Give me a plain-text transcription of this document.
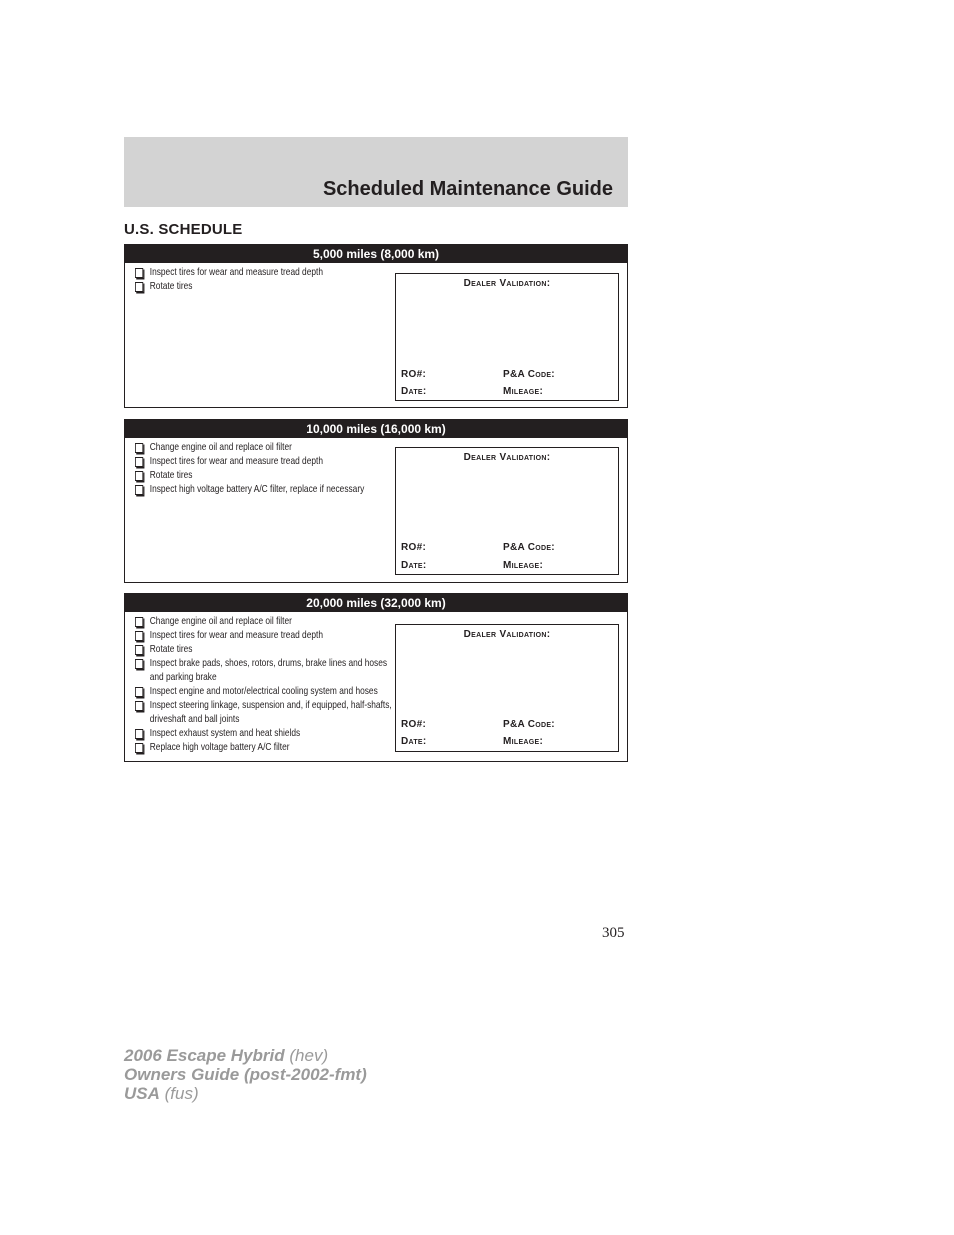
Scheduled Maintenance Guide
U.S. SCHEDULE
5,000 miles (8,000 km)
Inspect tires for wear and measure tread depth
Rotate tires	Dealer Validation:
RO#:	P&A Code:
Date:	Mileage:
10,000 miles (16,000 km)
Change engine oil and replace oil filter
Inspect tires for wear and measure tread depth
Rotate tires
Inspect high voltage battery A/C filter, replace if necessary
Dealer Validation:
RO#:	P&A Code:
Date:	Mileage:
20,000 miles (32,000 km)
Change engine oil and replace oil filter
Inspect tires for wear and measure tread depth
Rotate tires
Inspect brake pads, shoes, rotors, drums, brake lines and hoses and parking brake
Inspect engine and motor/electrical cooling system and hoses
Inspect steering linkage, suspension and, if equipped, half-shafts, driveshaft and ball joints
Inspect exhaust system and heat shields
Replace high voltage battery A/C filter
Dealer Validation:
RO#:	P&A Code:
Date:	Mileage:
305
2006 Escape Hybrid (hev)
Owners Guide (post-2002-fmt)
USA (fus)
